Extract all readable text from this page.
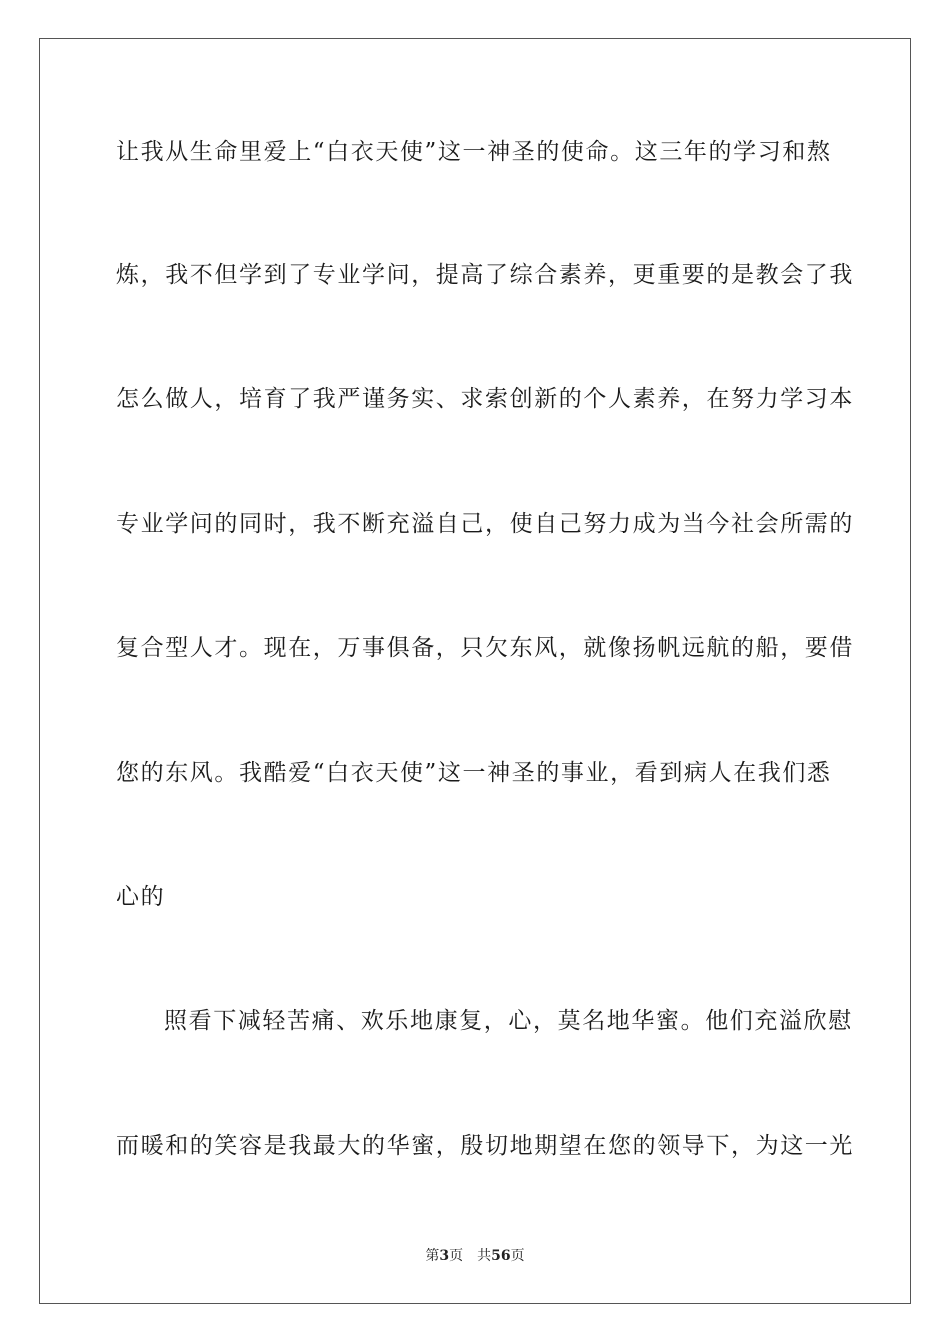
让我从生命里爱上“白衣天使”这一神圣的使命。这三年的学习和熬
炼，我不但学到了专业学问，提高了综合素养，更重要的是教会了我
怎么做人，培育了我严谨务实、求索创新的个人素养，在努力学习本
专业学问的同时，我不断充溢自己，使自己努力成为当今社会所需的
复合型人才。现在，万事俱备，只欠东风，就像扬帆远航的船，要借
您的东风。我酷爱“白衣天使”这一神圣的事业，看到病人在我们悉
心的
照看下减轻苦痛、欢乐地康复，心，莫名地华蜜。他们充溢欣慰
而暖和的笑容是我最大的华蜜，殷切地期望在您的领导下，为这一光
第3页 共56页
